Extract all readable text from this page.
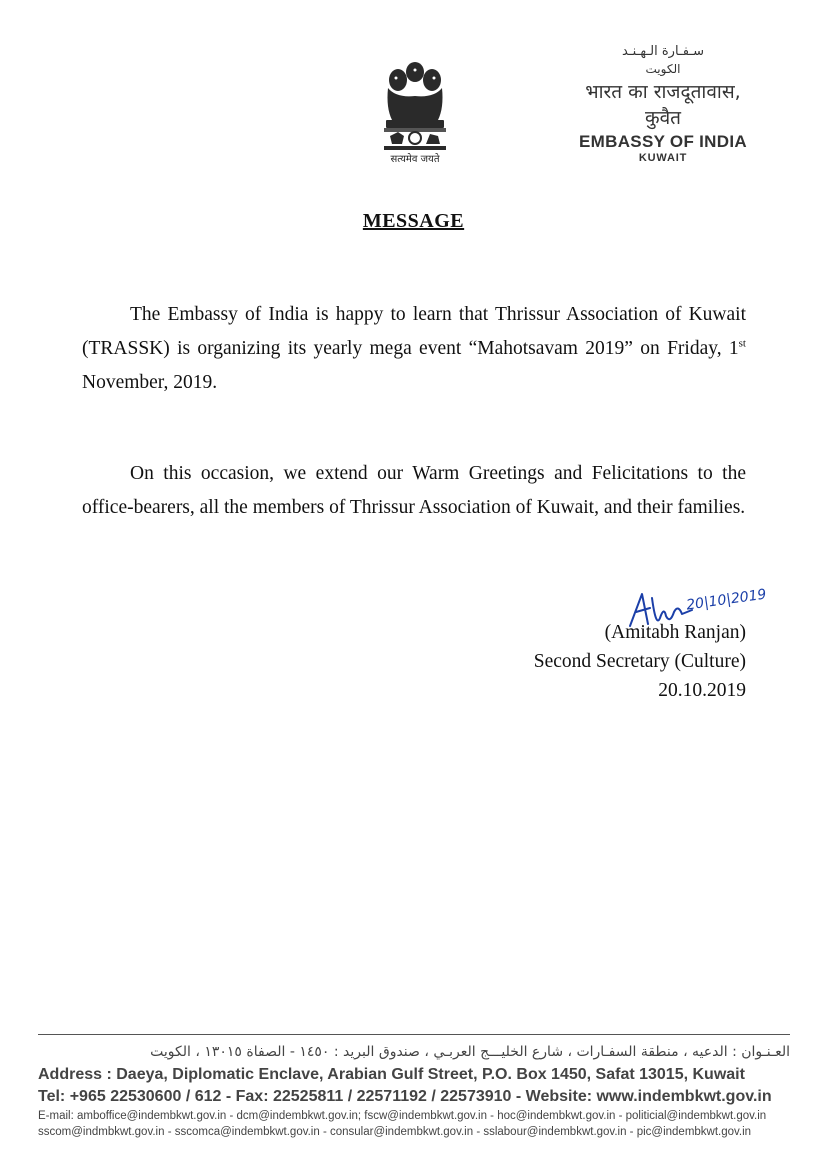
सत्यमेव जयते
سـفـارة الـهـنـد
الكويت
भारत का राजदूतावास,
कुवैत
EMBASSY OF INDIA
KUWAIT
MESSAGE
The Embassy of India is happy to learn that Thrissur Association of Kuwait (TRASSK) is organizing its yearly mega event “Mahotsavam 2019” on Friday, 1st November, 2019.
On this occasion, we extend our Warm Greetings and Felicitations to the office-bearers, all the members of Thrissur Association of Kuwait, and their families.
20|10|2019
(Amitabh Ranjan)
Second Secretary (Culture)
20.10.2019
العـنـوان : الدعيه ، منطقة السفـارات ، شارع الخليـــج العربـي ، صندوق البريد : ١٤٥٠ - الصفاة ١٣٠١٥ ، الكويت
Address : Daeya, Diplomatic Enclave, Arabian Gulf Street, P.O. Box 1450, Safat 13015, Kuwait
Tel: +965 22530600 / 612 - Fax: 22525811 / 22571192 / 22573910 - Website: www.indembkwt.gov.in
E-mail: amboffice@indembkwt.gov.in - dcm@indembkwt.gov.in; fscw@indembkwt.gov.in - hoc@indembkwt.gov.in - politicial@indembkwt.gov.in
sscom@indmbkwt.gov.in - sscomca@indembkwt.gov.in - consular@indembkwt.gov.in - sslabour@indembkwt.gov.in - pic@indembkwt.gov.in
